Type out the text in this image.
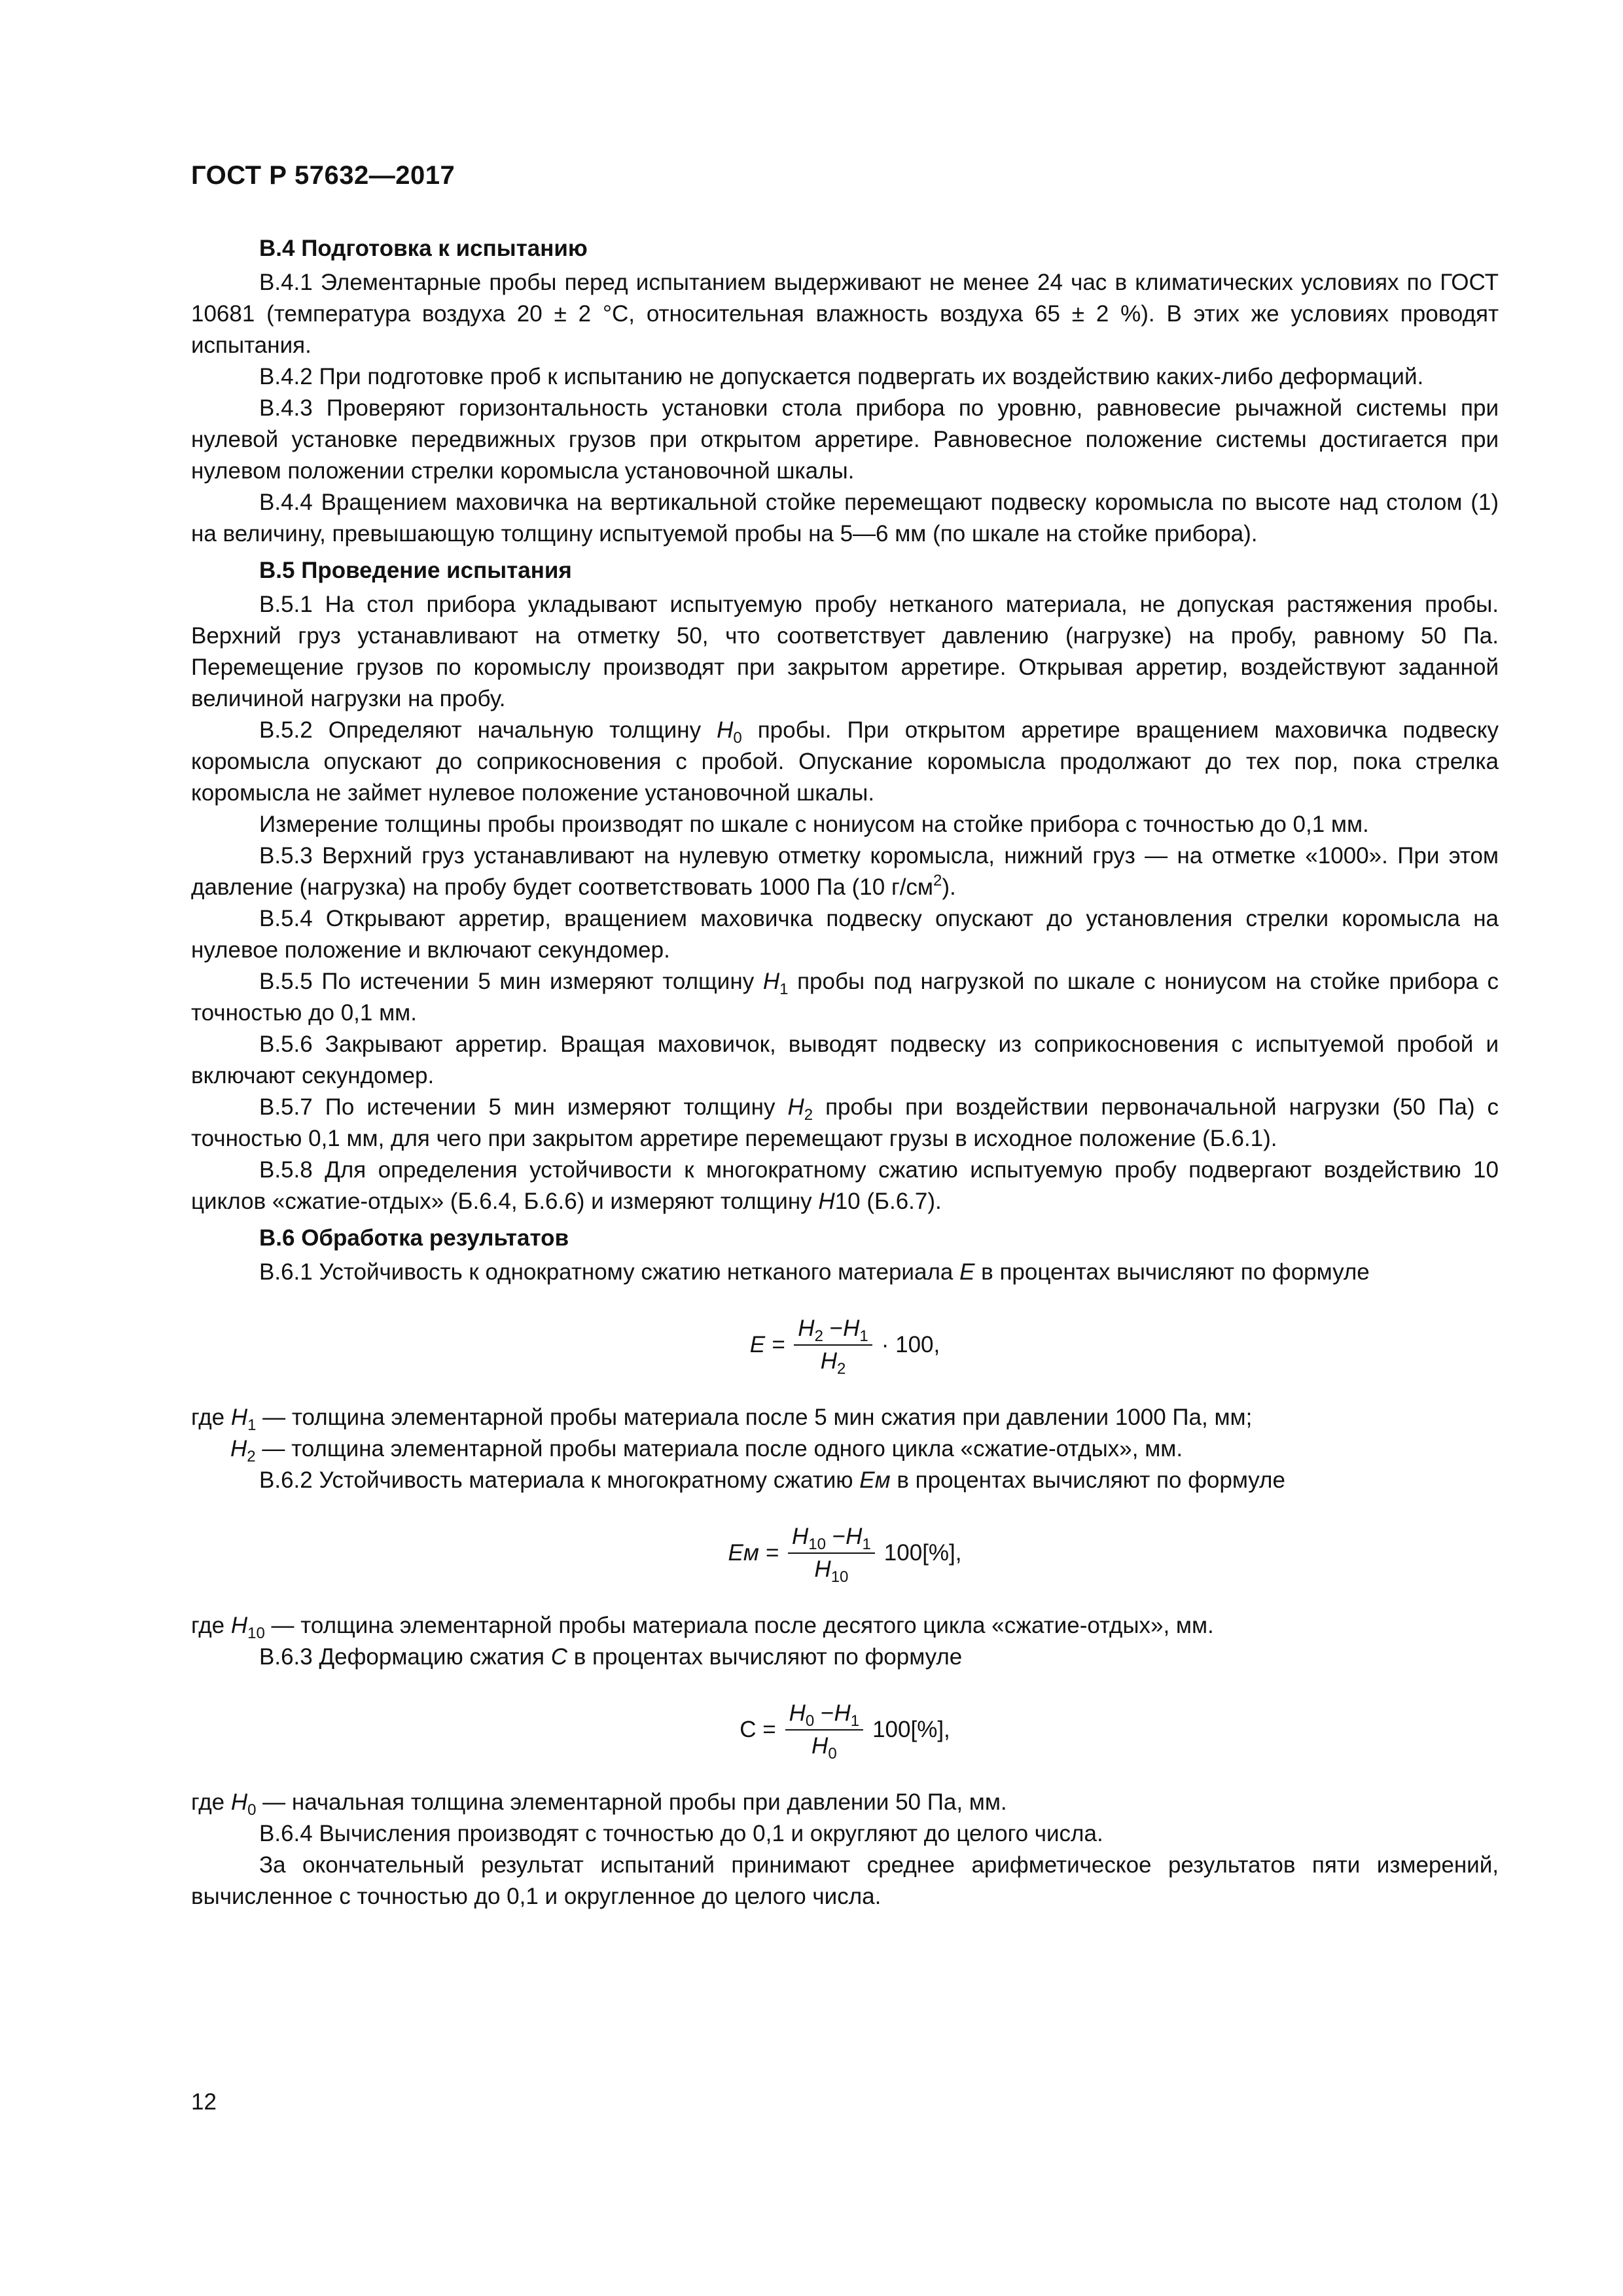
ГОСТ Р 57632—2017
В.4 Подготовка к испытанию

В.4.1 Элементарные пробы перед испытанием выдерживают не менее 24 час в климатических условиях по ГОСТ 10681 (температура воздуха 20 ± 2 °C, относительная влажность воздуха 65 ± 2 %). В этих же условиях проводят испытания.

В.4.2 При подготовке проб к испытанию не допускается подвергать их воздействию каких-либо деформаций.

В.4.3 Проверяют горизонтальность установки стола прибора по уровню, равновесие рычажной системы при нулевой установке передвижных грузов при открытом арретире. Равновесное положение системы достигается при нулевом положении стрелки коромысла установочной шкалы.

В.4.4 Вращением маховичка на вертикальной стойке перемещают подвеску коромысла по высоте над столом (1) на величину, превышающую толщину испытуемой пробы на 5—6 мм (по шкале на стойке прибора).

В.5 Проведение испытания

В.5.1 На стол прибора укладывают испытуемую пробу нетканого материала, не допуская растяжения пробы. Верхний груз устанавливают на отметку 50, что соответствует давлению (нагрузке) на пробу, равному 50 Па. Перемещение грузов по коромыслу производят при закрытом арретире. Открывая арретир, воздействуют заданной величиной нагрузки на пробу.

В.5.2 Определяют начальную толщину $H_0$ пробы. При открытом арретире вращением маховичка подвеску коромысла опускают до соприкосновения с пробой. Опускание коромысла продолжают до тех пор, пока стрелка коромысла не займет нулевое положение установочной шкалы.

Измерение толщины пробы производят по шкале с нониусом на стойке прибора с точностью до 0,1 мм.

В.5.3 Верхний груз устанавливают на нулевую отметку коромысла, нижний груз — на отметке «1000». При этом давление (нагрузка) на пробу будет соответствовать 1000 Па (10 $г/см^2$).

В.5.4 Открывают арретир, вращением маховичка подвеску опускают до установления стрелки коромысла на нулевое положение и включают секундомер.

В.5.5 По истечении 5 мин измеряют толщину $H_1$ пробы под нагрузкой по шкале с нониусом на стойке прибора с точностью до 0,1 мм.

В.5.6 Закрывают арретир. Вращая маховичок, выводят подвеску из соприкосновения с испытуемой пробой и включают секундомер.

В.5.7 По истечении 5 мин измеряют толщину $H_2$ пробы при воздействии первоначальной нагрузки (50 Па) с точностью 0,1 мм, для чего при закрытом арретире перемещают грузы в исходное положение (Б.6.1).

В.5.8 Для определения устойчивости к многократному сжатию испытуемую пробу подвергают воздействию 10 циклов «сжатие-отдых» (Б.6.4, Б.6.6) и измеряют толщину H10 (Б.6.7).

В.6 Обработка результатов

В.6.1 Устойчивость к однократному сжатию нетканого материала E в процентах вычисляют по формуле

$E = \frac{H_2 -H_1}{H_2} \cdot 100$,

где $H_1$ — толщина элементарной пробы материала после 5 мин сжатия при давлении 1000 Па, мм;

$H_2$ — толщина элементарной пробы материала после одного цикла «сжатие-отдых», мм.

В.6.2 Устойчивость материала к многократному сжатию Ем в процентах вычисляют по формуле

Ем = $\frac{H_{10} -H_1}{H_{10}} 100[\%]$,

где $H_{10}$ — толщина элементарной пробы материала после десятого цикла «сжатие-отдых», мм.

В.6.3 Деформацию сжатия C в процентах вычисляют по формуле

$C = \frac{H_0 -H_1}{H_0} 100[\%]$,

где $H_0$ — начальная толщина элементарной пробы при давлении 50 Па, мм.

В.6.4 Вычисления производят с точностью до 0,1 и округляют до целого числа.

За окончательный результат испытаний принимают среднее арифметическое результатов пяти измерений, вычисленное с точностью до 0,1 и округленное до целого числа.

12
